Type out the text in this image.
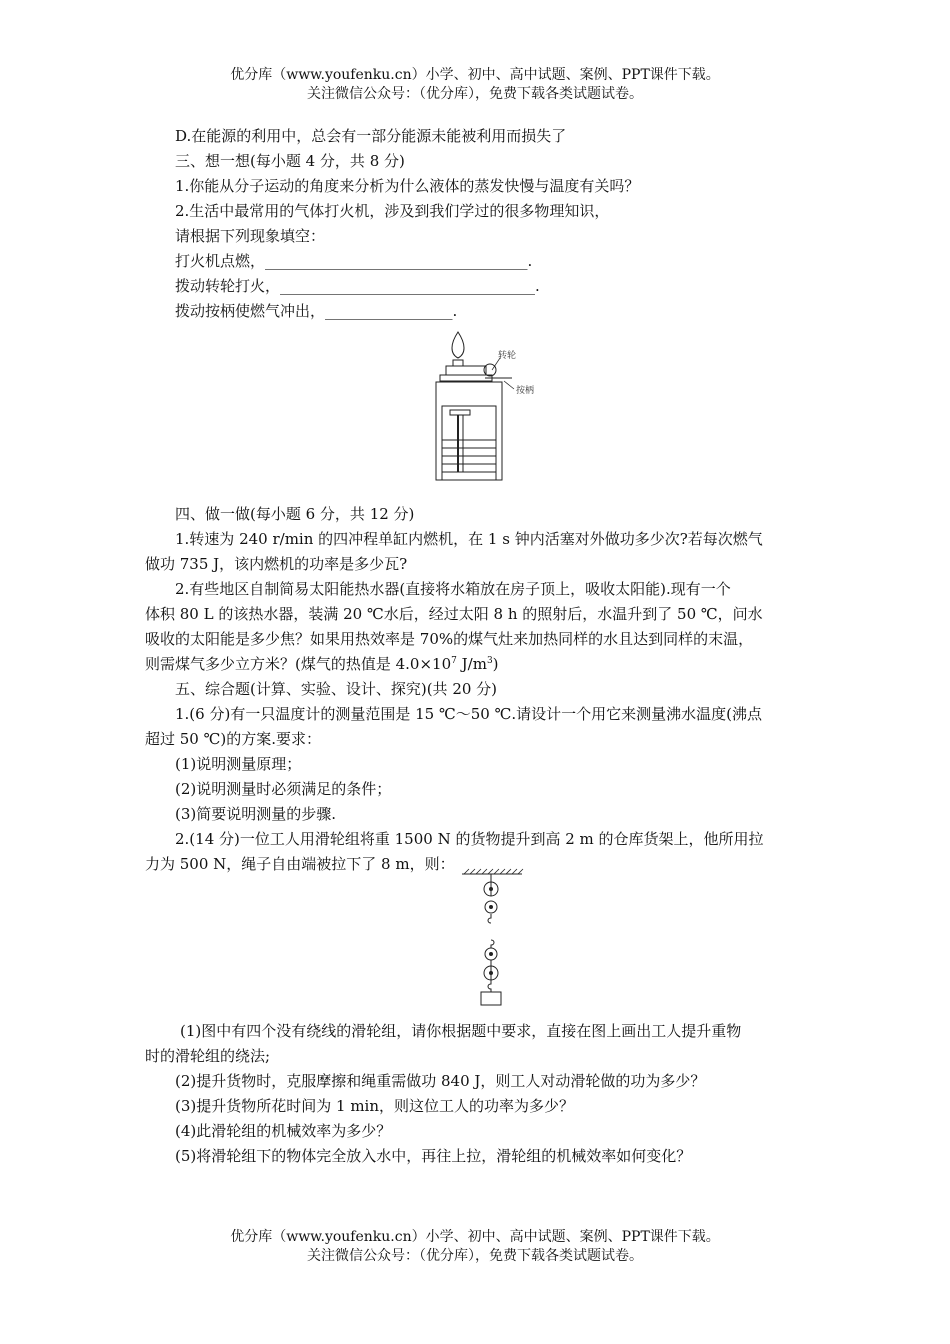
优分库（www.youfenku.cn）小学、初中、高中试题、案例、PPT课件下载。
关注微信公众号：（优分库），免费下载各类试题试卷。
D.在能源的利用中，总会有一部分能源未能被利用而损失了
三、想一想(每小题 4 分，共 8 分)
1.你能从分子运动的角度来分析为什么液体的蒸发快慢与温度有关吗？
2.生活中最常用的气体打火机，涉及到我们学过的很多物理知识，
请根据下列现象填空：
打火机点燃，___________________________________.
拨动转轮打火，__________________________________.
拨动按柄使燃气冲出，_________________.
转轮
按柄
四、做一做(每小题 6 分，共 12 分)
1.转速为 240 r/min 的四冲程单缸内燃机，在 1 s 钟内活塞对外做功多少次?若每次燃气
做功 735 J，该内燃机的功率是多少瓦?
2.有些地区自制简易太阳能热水器(直接将水箱放在房子顶上，吸收太阳能).现有一个
体积 80 L 的该热水器，装满 20 ℃水后，经过太阳 8 h 的照射后，水温升到了 50 ℃，问水
吸收的太阳能是多少焦？如果用热效率是 70%的煤气灶来加热同样的水且达到同样的末温，
则需煤气多少立方米？(煤气的热值是 $4.0\times 10^7$ $J/m^3$)
五、综合题(计算、实验、设计、探究)(共 20 分)
1.(6 分)有一只温度计的测量范围是 15 ℃～50 ℃.请设计一个用它来测量沸水温度(沸点
超过 50 ℃)的方案.要求：
(1)说明测量原理；
(2)说明测量时必须满足的条件；
(3)简要说明测量的步骤.
2.(14 分)一位工人用滑轮组将重 1500 N 的货物提升到高 2 m 的仓库货架上，他所用拉
力为 500 N，绳子自由端被拉下了 8 m，则：
(1)图中有四个没有绕线的滑轮组，请你根据题中要求，直接在图上画出工人提升重物
时的滑轮组的绕法;
(2)提升货物时，克服摩擦和绳重需做功 840 J，则工人对动滑轮做的功为多少？
(3)提升货物所花时间为 1 min，则这位工人的功率为多少？
(4)此滑轮组的机械效率为多少？
(5)将滑轮组下的物体完全放入水中，再往上拉，滑轮组的机械效率如何变化？
优分库（www.youfenku.cn）小学、初中、高中试题、案例、PPT课件下载。
关注微信公众号：（优分库），免费下载各类试题试卷。
